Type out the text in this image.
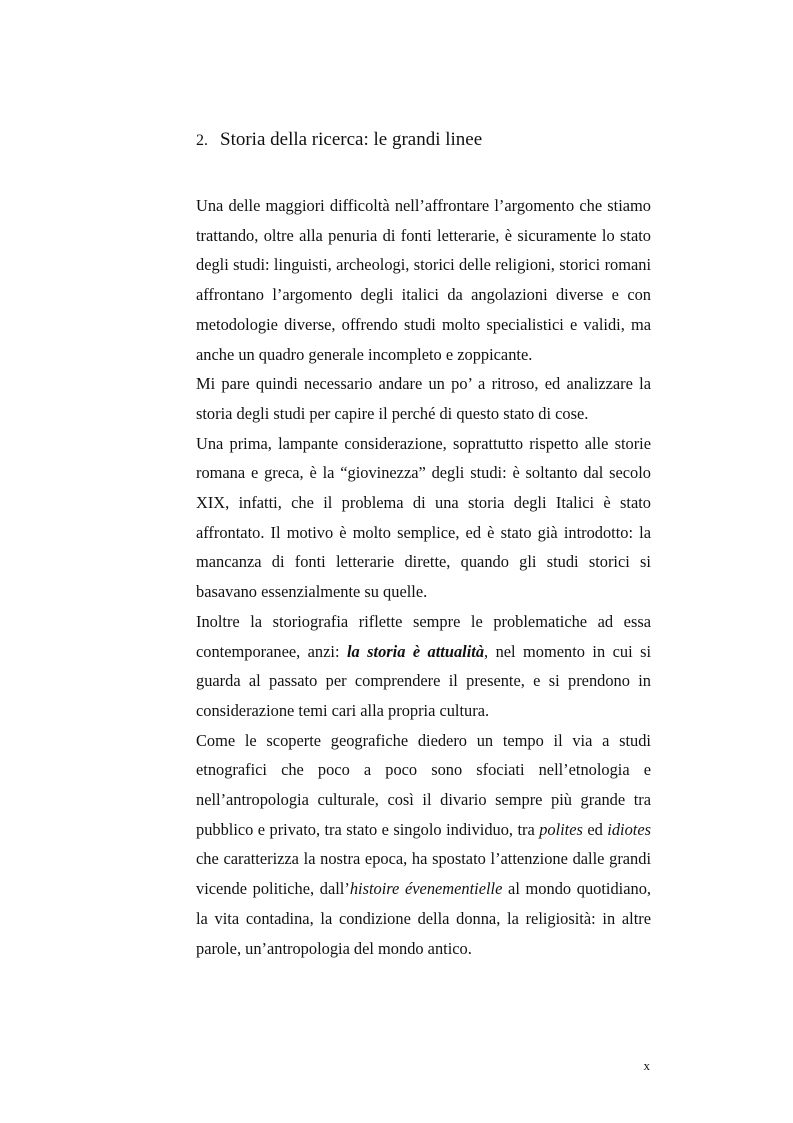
2. Storia della ricerca: le grandi linee

Una delle maggiori difficoltà nell’affrontare l’argomento che stiamo trattando, oltre alla penuria di fonti letterarie, è sicuramente lo stato degli studi: linguisti, archeologi, storici delle religioni, storici romani affrontano l’argomento degli italici da angolazioni diverse e con metodologie diverse, offrendo studi molto specialistici e validi, ma anche un quadro generale incompleto e zoppicante.

Mi pare quindi necessario andare un po’ a ritroso, ed analizzare la storia degli studi per capire il perché di questo stato di cose.

Una prima, lampante considerazione, soprattutto rispetto alle storie romana e greca, è la “giovinezza” degli studi: è soltanto dal secolo XIX, infatti, che il problema di una storia degli Italici è stato affrontato. Il motivo è molto semplice, ed è stato già introdotto: la mancanza di fonti letterarie dirette, quando gli studi storici si basavano essenzialmente su quelle.

Inoltre la storiografia riflette sempre le problematiche ad essa contemporanee, anzi: la storia è attualità, nel momento in cui si guarda al passato per comprendere il presente, e si prendono in considerazione temi cari alla propria cultura.

Come le scoperte geografiche diedero un tempo il via a studi etnografici che poco a poco sono sfociati nell’etnologia e nell’antropologia culturale, così il divario sempre più grande tra pubblico e privato, tra stato e singolo individuo, tra polites ed idiotes che caratterizza la nostra epoca, ha spostato l’attenzione dalle grandi vicende politiche, dall’histoire évenementielle al mondo quotidiano, la vita contadina, la condizione della donna, la religiosità: in altre parole, un’antropologia del mondo antico.

x
